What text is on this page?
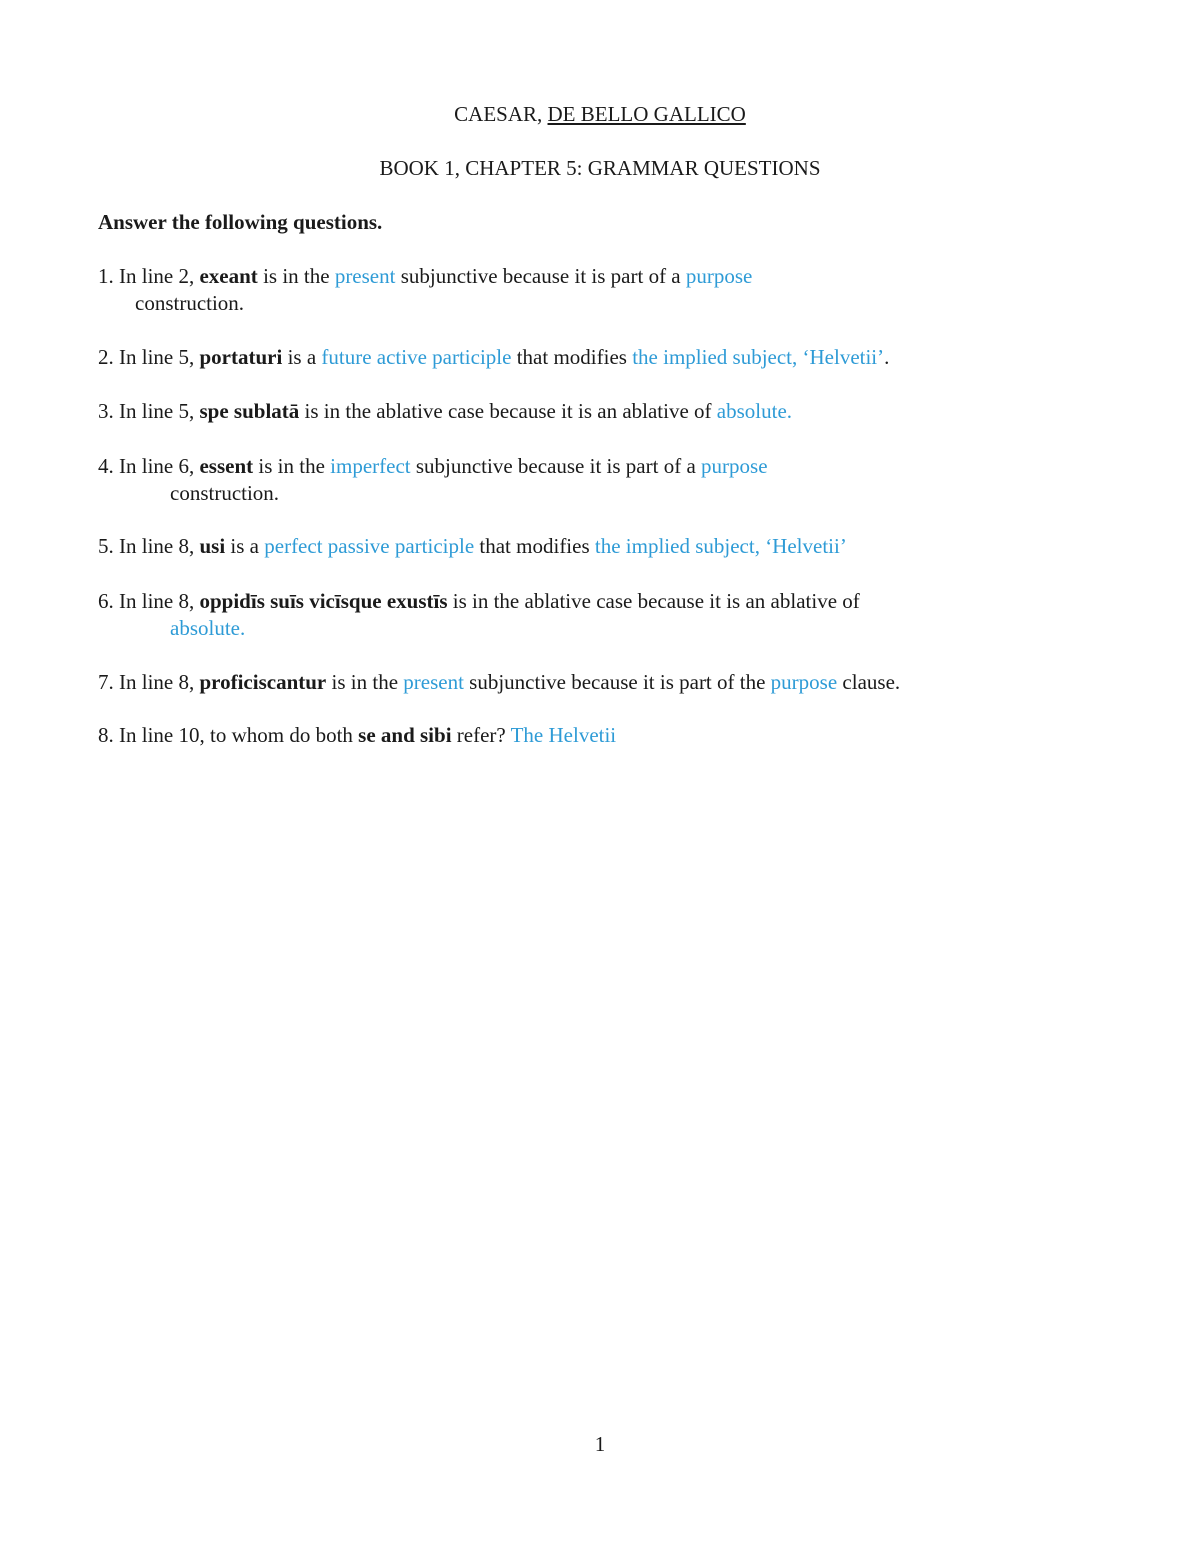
CAESAR, DE BELLO GALLICO
BOOK 1, CHAPTER 5: GRAMMAR QUESTIONS
Answer the following questions.
1. In line 2, exeant is in the present subjunctive because it is part of a purpose
construction.
2. In line 5, portaturi is a future active participle that modifies the implied subject, ‘Helvetii’.
3. In line 5, spe sublatā is in the ablative case because it is an ablative of absolute.
4. In line 6, essent is in the imperfect subjunctive because it is part of a purpose
construction.
5. In line 8, usi is a perfect passive participle that modifies the implied subject, ‘Helvetii’
6. In line 8, oppidīs suīs vicīsque exustīs is in the ablative case because it is an ablative of
absolute.
7. In line 8, proficiscantur is in the present subjunctive because it is part of the purpose clause.
8. In line 10, to whom do both se and sibi refer? The Helvetii
1
